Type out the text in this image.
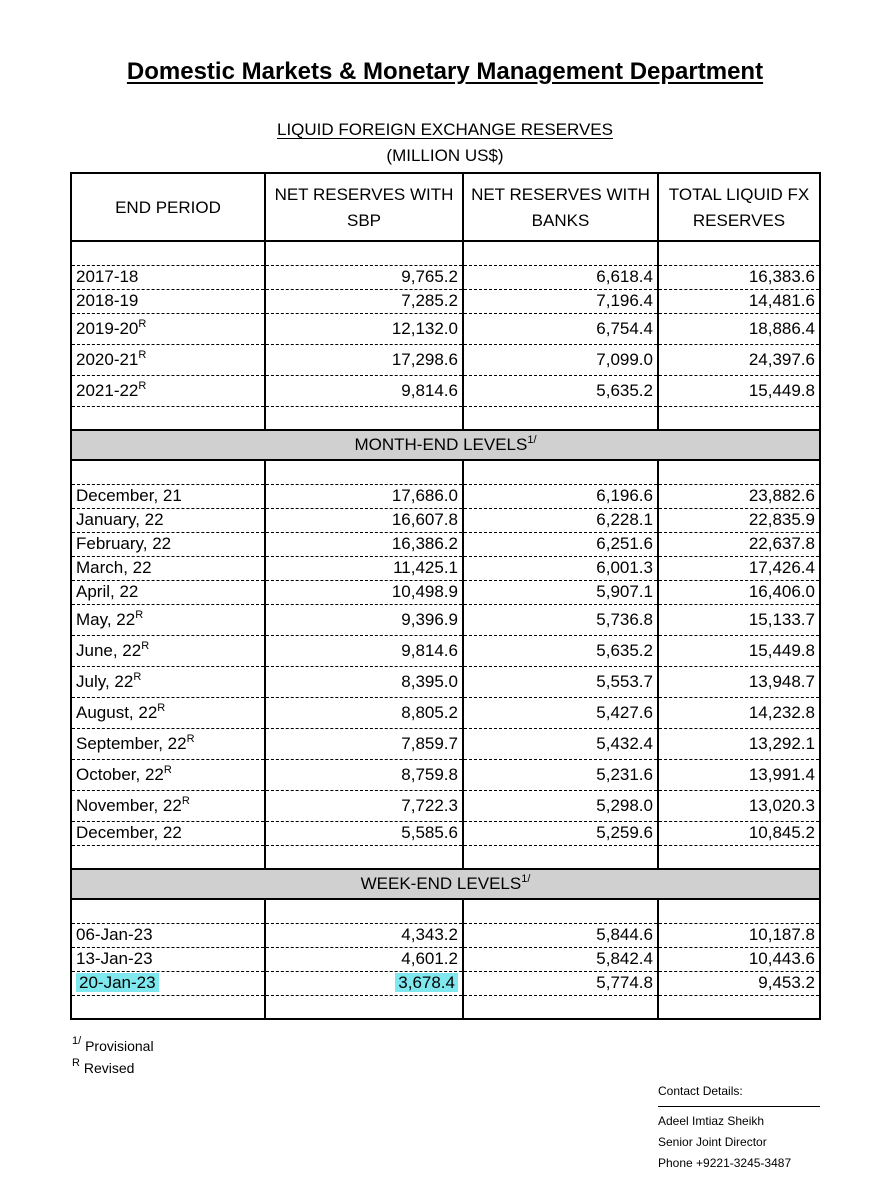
Domestic Markets & Monetary Management Department
LIQUID FOREIGN EXCHANGE RESERVES
(MILLION US$)
END PERIOD	NET RESERVES WITH SBP	NET RESERVES WITH BANKS	TOTAL LIQUID FX RESERVES

2017-18	9,765.2	6,618.4	16,383.6
2018-19	7,285.2	7,196.4	14,481.6
$2019-20^R$	12,132.0	6,754.4	18,886.4
$2020-21^R$	17,298.6	7,099.0	24,397.6
$2021-22^R$	9,814.6	5,635.2	15,449.8

MONTH-END $LEVELS^{1/}$

December, 21	17,686.0	6,196.6	23,882.6
January, 22	16,607.8	6,228.1	22,835.9
February, 22	16,386.2	6,251.6	22,637.8
March, 22	11,425.1	6,001.3	17,426.4
April, 22	10,498.9	5,907.1	16,406.0
May, $22^R$	9,396.9	5,736.8	15,133.7
June, $22^R$	9,814.6	5,635.2	15,449.8
July, $22^R$	8,395.0	5,553.7	13,948.7
August, $22^R$	8,805.2	5,427.6	14,232.8
September, $22^R$	7,859.7	5,432.4	13,292.1
October, $22^R$	8,759.8	5,231.6	13,991.4
November, $22^R$	7,722.3	5,298.0	13,020.3
December, 22	5,585.6	5,259.6	10,845.2

WEEK-END $LEVELS^{1/}$

06-Jan-23	4,343.2	5,844.6	10,187.8
13-Jan-23	4,601.2	5,842.4	10,443.6
20-Jan-23	3,678.4	5,774.8	9,453.2

$^{1/}$ Provisional
$^R$ Revised
Contact Details:
Adeel Imtiaz Sheikh
Senior Joint Director
Phone +9221-3245-3487
